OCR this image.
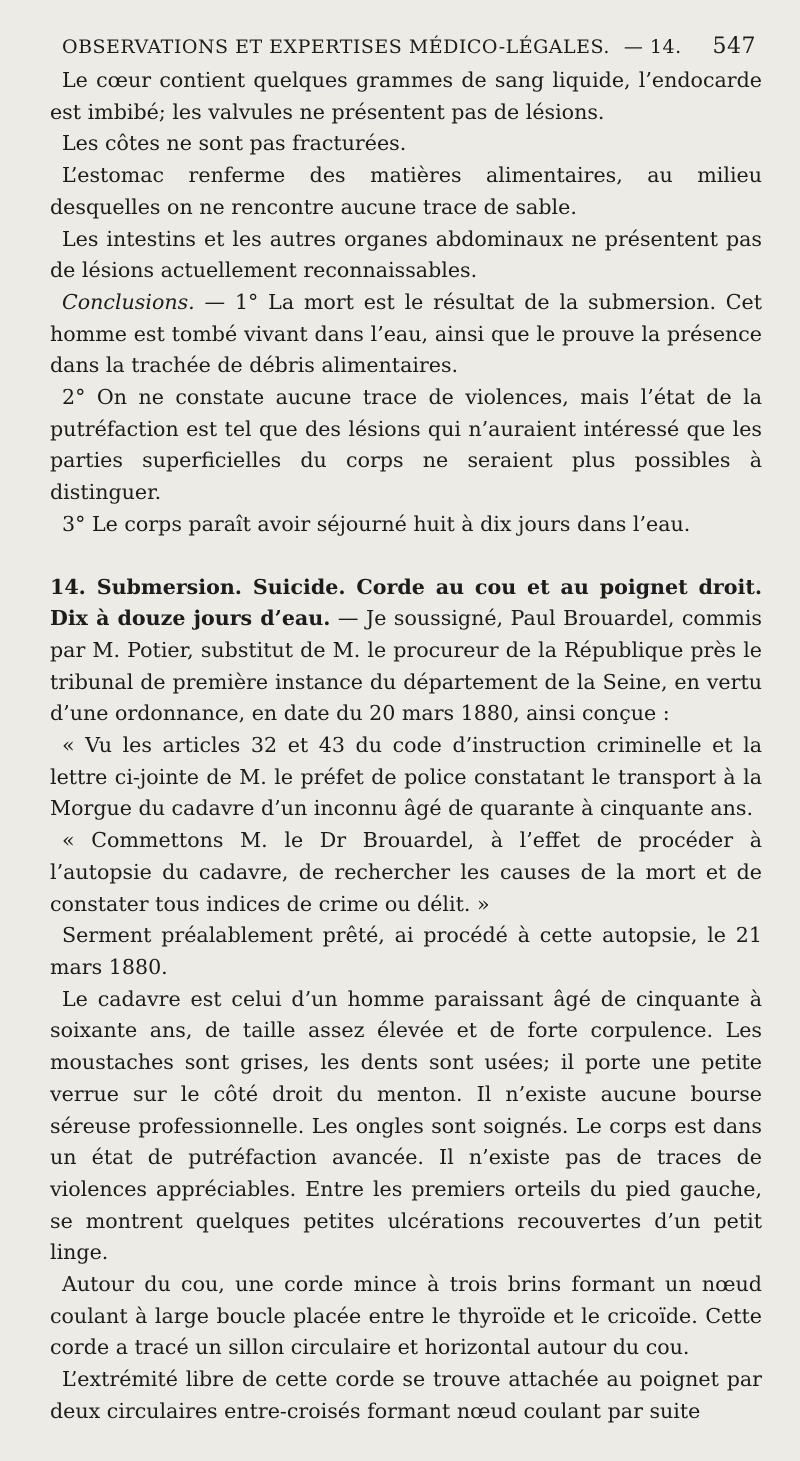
OBSERVATIONS ET EXPERTISES MÉDICO-LÉGALES. — 14. 547

Le cœur contient quelques grammes de sang liquide, l’endocarde est imbibé; les valvules ne présentent pas de lésions.

Les côtes ne sont pas fracturées.

L’estomac renferme des matières alimentaires, au milieu desquelles on ne rencontre aucune trace de sable.

Les intestins et les autres organes abdominaux ne présentent pas de lésions actuellement reconnaissables.

Conclusions. — 1° La mort est le résultat de la submersion. Cet homme est tombé vivant dans l’eau, ainsi que le prouve la présence dans la trachée de débris alimentaires.

2° On ne constate aucune trace de violences, mais l’état de la putréfaction est tel que des lésions qui n’auraient intéressé que les parties superficielles du corps ne seraient plus possibles à distinguer.

3° Le corps paraît avoir séjourné huit à dix jours dans l’eau.

14. Submersion. Suicide. Corde au cou et au poignet droit. Dix à douze jours d’eau. — Je soussigné, Paul Brouardel, commis par M. Potier, substitut de M. le procureur de la République près le tribunal de première instance du département de la Seine, en vertu d’une ordonnance, en date du 20 mars 1880, ainsi conçue :

« Vu les articles 32 et 43 du code d’instruction criminelle et la lettre ci-jointe de M. le préfet de police constatant le transport à la Morgue du cadavre d’un inconnu âgé de quarante à cinquante ans.

« Commettons M. le Dr Brouardel, à l’effet de procéder à l’autopsie du cadavre, de rechercher les causes de la mort et de constater tous indices de crime ou délit. »

Serment préalablement prêté, ai procédé à cette autopsie, le 21 mars 1880.

Le cadavre est celui d’un homme paraissant âgé de cinquante à soixante ans, de taille assez élevée et de forte corpulence. Les moustaches sont grises, les dents sont usées; il porte une petite verrue sur le côté droit du menton. Il n’existe aucune bourse séreuse professionnelle. Les ongles sont soignés. Le corps est dans un état de putréfaction avancée. Il n’existe pas de traces de violences appréciables. Entre les premiers orteils du pied gauche, se montrent quelques petites ulcérations recouvertes d’un petit linge.

Autour du cou, une corde mince à trois brins formant un nœud coulant à large boucle placée entre le thyroïde et le cricoïde. Cette corde a tracé un sillon circulaire et horizontal autour du cou.

L’extrémité libre de cette corde se trouve attachée au poignet par deux circulaires entre-croisés formant nœud coulant par suite
